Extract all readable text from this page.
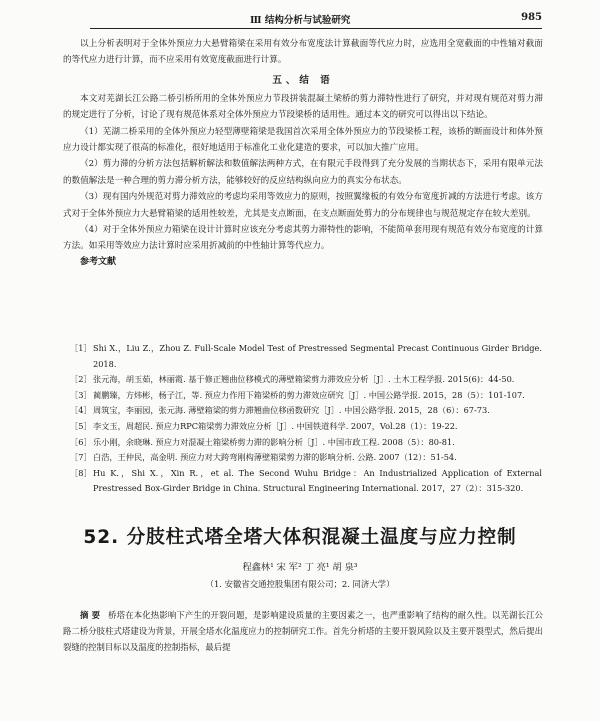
Ⅲ 结构分析与试验研究	985

以上分析表明对于全体外预应力大悬臂箱梁在采用有效分布宽度法计算截面等代应力时，应选用全宽截面的中性轴对截面的等代应力进行计算，而不应采用有效宽度截面进行计算。

五、结 语

本文对芜湖长江公路二桥引桥所用的全体外预应力节段拼装混凝土梁桥的剪力滞特性进行了研究，并对现有规范对剪力滞的规定进行了分析，讨论了现有规范体系对全体外预应力节段梁桥的适用性。通过本文的研究可以得出以下结论。

（1）芜湖二桥采用的全体外预应力轻型薄壁箱梁是我国首次采用全体外预应力的节段梁桥工程，该桥的断面设计和体外预应力设计都实现了很高的标准化，很好地适用于标准化工业化建造的要求，可以加大推广应用。

（2）剪力滞的分析方法包括解析解法和数值解法两种方式，在有限元手段得到了充分发展的当期状态下，采用有限单元法的数值解法是一种合理的剪力滞分析方法，能够较好的反应结构纵向应力的真实分布状态。

（3）现有国内外规范对剪力滞效应的考虑均采用等效应力的原则，按照翼缘板的有效分布宽度折减的方法进行考虑。该方式对于全体外预应力大悬臂箱梁的适用性较差，尤其是支点断面，在支点断面处剪力的分布规律也与规范规定存在较大差别。

（4）对于全体外预应力箱梁在设计计算时应该充分考虑其剪力滞特性的影响，不能简单套用现有规范有效分布宽度的计算方法。如采用等效应力法计算时应采用折减前的中性轴计算等代应力。

参考文献
［1］ Shi X.，Liu Z.，Zhou Z. Full-Scale Model Test of Prestressed Segmental Precast Continuous Girder Bridge. 2018.
［2］ 张元海，胡玉茹，林丽霞. 基于修正翘曲位移模式的薄壁箱梁剪力滞效应分析［J］. 土木工程学报. 2015(6)：44-50.
［3］ 蔺鹏臻，方炜彬，杨子江，等. 预应力作用下箱梁桥的剪力滞效应研究［J］. 中国公路学报. 2015，28（5）：101-107.
［4］ 周筑宝，李丽园，张元海. 薄壁箱梁的剪力滞翘曲位移函数研究［J］. 中国公路学报. 2015，28（6）：67-73.
［5］ 李文玉，周超民. 预应力RPC箱梁剪力滞效应分析［J］. 中国铁道科学. 2007，Vol.28（1）：19-22.
［6］ 乐小刚，余晓琳. 预应力对混凝土箱梁桥剪力滞的影响分析［J］. 中国市政工程. 2008（5）：80-81.
［7］ 白浩，王仲民，高金明. 预应力对大跨弯刚构薄壁箱梁剪力滞的影响分析. 公路. 2007（12）：51-54.
［8］ Hu K.，Shi X.，Xin R.，et al. The Second Wuhu Bridge：An Industrialized Application of External Prestressed Box-Girder Bridge in China. Structural Engineering International. 2017，27（2）：315-320.
52. 分肢柱式塔全塔大体积混凝土温度与应力控制
程鑫林¹ 宋 军² 丁 亮¹ 胡 泉³
（1. 安徽省交通控股集团有限公司；2. 同济大学）
摘 要 桥塔在本化热影响下产生的开裂问题，是影响建设质量的主要因素之一，也严重影响了结构的耐久性。以芜湖长江公路二桥分肢柱式塔建设为背景，开展全塔水化温度应力的控制研究工作。首先分析塔的主要开裂风险以及主要开裂型式，然后提出裂缝的控制目标以及温度的控制指标，最后提
